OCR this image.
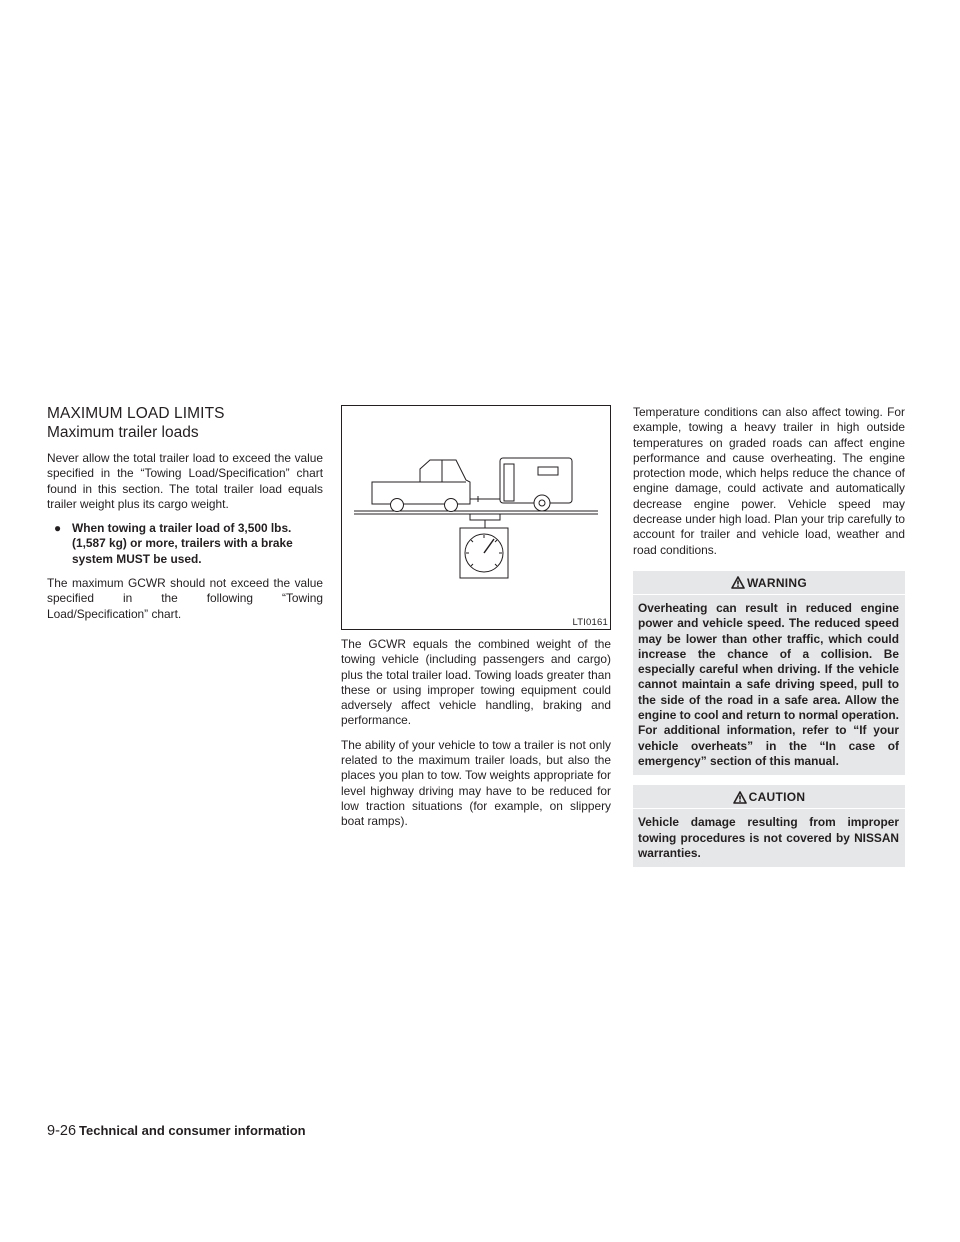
MAXIMUM LOAD LIMITS
Maximum trailer loads

Never allow the total trailer load to exceed the value specified in the “Towing Load/Specification” chart found in this section. The total trailer load equals trailer weight plus its cargo weight.

● When towing a trailer load of 3,500 lbs. (1,587 kg) or more, trailers with a brake system MUST be used.

The maximum GCWR should not exceed the value specified in the following “Towing Load/Specification” chart.

LTI0161

The GCWR equals the combined weight of the towing vehicle (including passengers and cargo) plus the total trailer load. Towing loads greater than these or using improper towing equipment could adversely affect vehicle handling, braking and performance.

The ability of your vehicle to tow a trailer is not only related to the maximum trailer loads, but also the places you plan to tow. Tow weights appropriate for level highway driving may have to be reduced for low traction situations (for example, on slippery boat ramps).

Temperature conditions can also affect towing. For example, towing a heavy trailer in high outside temperatures on graded roads can affect engine performance and cause overheating. The engine protection mode, which helps reduce the chance of engine damage, could activate and automatically decrease engine power. Vehicle speed may decrease under high load. Plan your trip carefully to account for trailer and vehicle load, weather and road conditions.

WARNING
Overheating can result in reduced engine power and vehicle speed. The reduced speed may be lower than other traffic, which could increase the chance of a collision. Be especially careful when driving. If the vehicle cannot maintain a safe driving speed, pull to the side of the road in a safe area. Allow the engine to cool and return to normal operation. For additional information, refer to “If your vehicle overheats” in the “In case of emergency” section of this manual.
CAUTION
Vehicle damage resulting from improper towing procedures is not covered by NISSAN warranties.
9-26 Technical and consumer information
